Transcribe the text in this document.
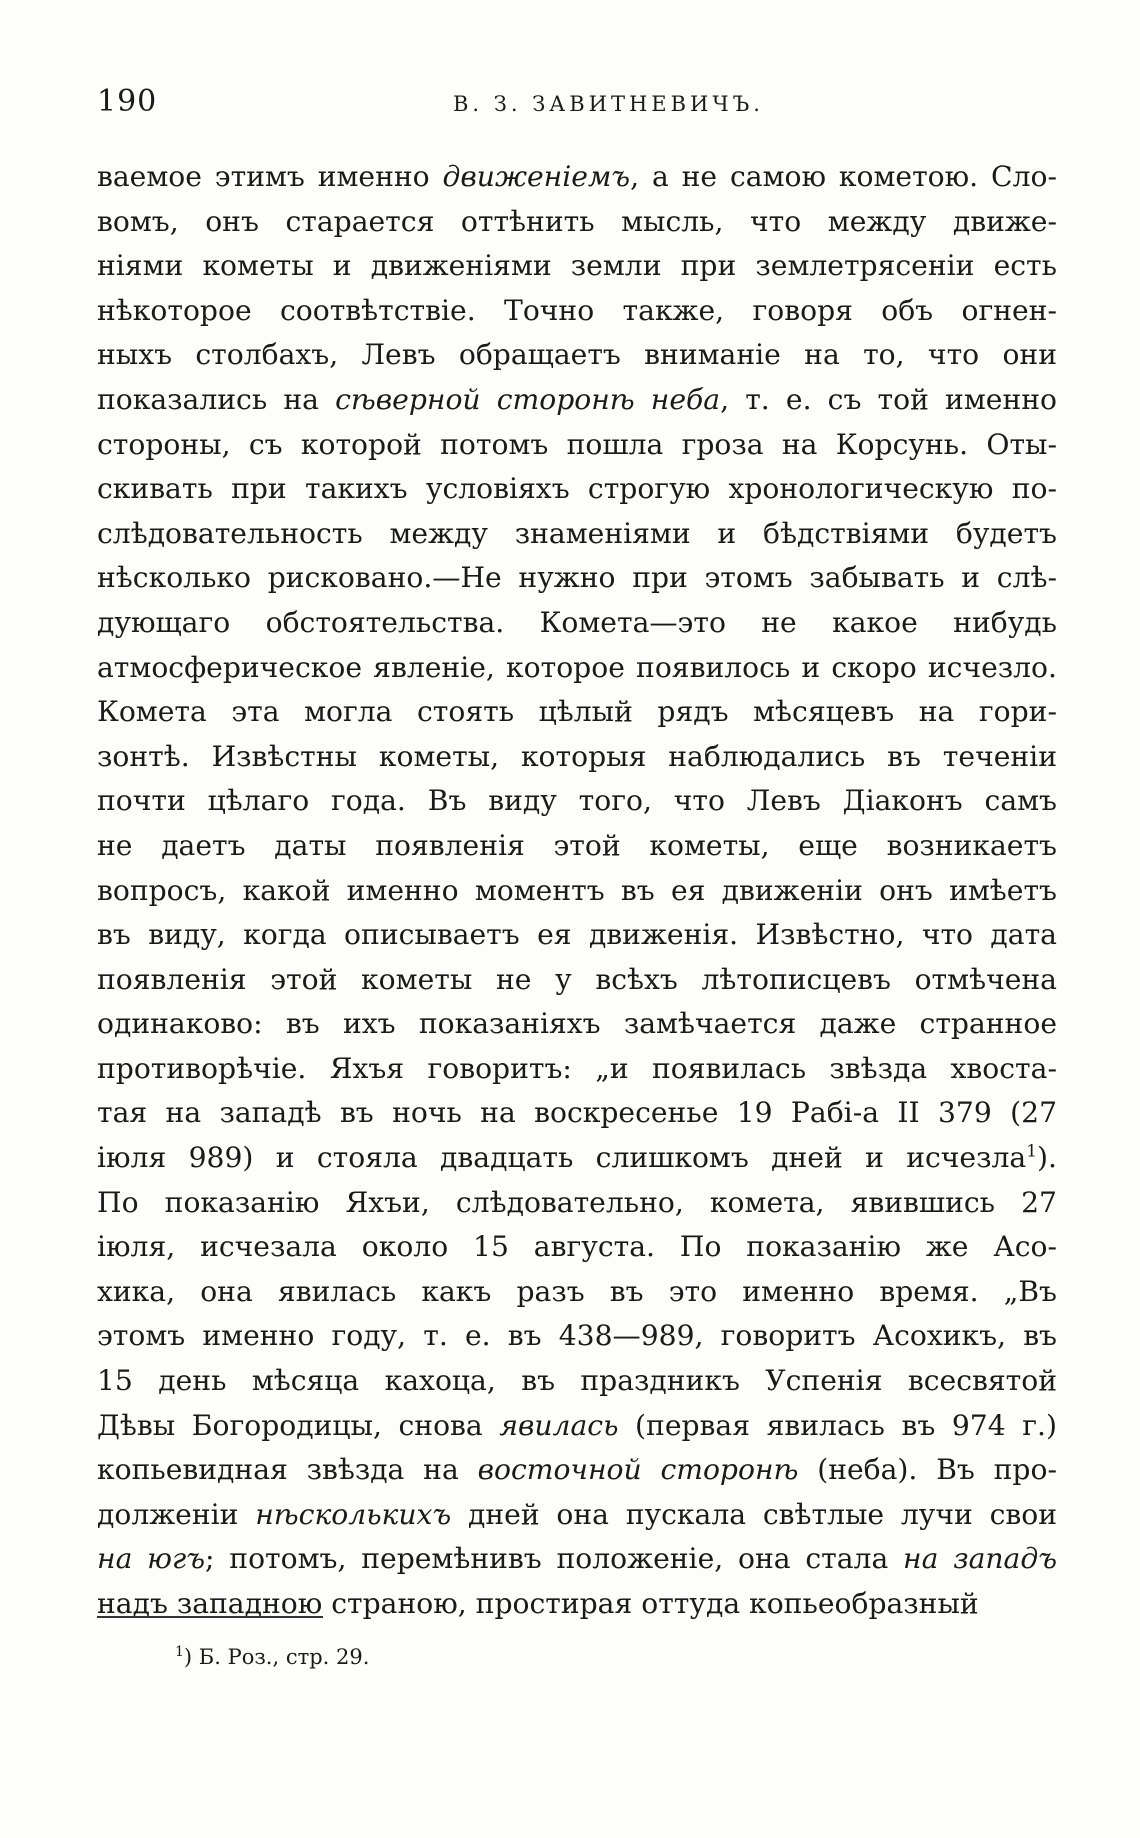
190	В. З. ЗАВИТНЕВИЧЪ.
ваемое этимъ именно движеніемъ, а не самою кометою. Сло-
вомъ, онъ старается оттѣнить мысль, что между движе-
ніями кометы и движеніями земли при землетрясеніи есть
нѣкоторое соотвѣтствіе. Точно также, говоря объ огнен-
ныхъ столбахъ, Левъ обращаетъ вниманіе на то, что они
показались на сѣверной сторонѣ неба, т. е. съ той именно
стороны, съ которой потомъ пошла гроза на Корсунь. Оты-
скивать при такихъ условіяхъ строгую хронологическую по-
слѣдовательность между знаменіями и бѣдствіями будетъ
нѣсколько рисковано.—Не нужно при этомъ забывать и слѣ-
дующаго обстоятельства. Комета—это не какое нибудь
атмосферическое явленіе, которое появилось и скоро исчезло.
Комета эта могла стоять цѣлый рядъ мѣсяцевъ на гори-
зонтѣ. Извѣстны кометы, которыя наблюдались въ теченіи
почти цѣлаго года. Въ виду того, что Левъ Діаконъ самъ
не даетъ даты появленія этой кометы, еще возникаетъ
вопросъ, какой именно моментъ въ ея движеніи онъ имѣетъ
въ виду, когда описываетъ ея движенія. Извѣстно, что дата
появленія этой кометы не у всѣхъ лѣтописцевъ отмѣчена
одинаково: въ ихъ показаніяхъ замѣчается даже странное
противорѣчіе. Яхъя говоритъ: „и появилась звѣзда хвоста-
тая на западѣ въ ночь на воскресенье 19 Рабі-а II 379 (27
іюля 989) и стояла двадцать слишкомъ дней и исчезла$^1$).
По показанію Яхъи, слѣдовательно, комета, явившись 27
іюля, исчезала около 15 августа. По показанію же Асо-
хика, она явилась какъ разъ въ это именно время. „Въ
этомъ именно году, т. е. въ 438—989, говоритъ Асохикъ, въ
15 день мѣсяца кахоца, въ праздникъ Успенія всесвятой
Дѣвы Богородицы, снова явилась (первая явилась въ 974 г.)
копьевидная звѣзда на восточной сторонѣ (неба). Въ про-
долженіи нѣсколькихъ дней она пускала свѣтлые лучи свои
на югъ; потомъ, перемѣнивъ положеніе, она стала на западъ
надъ западною страною, простирая оттуда копьеобразный
$^1$) Б. Роз., стр. 29.
